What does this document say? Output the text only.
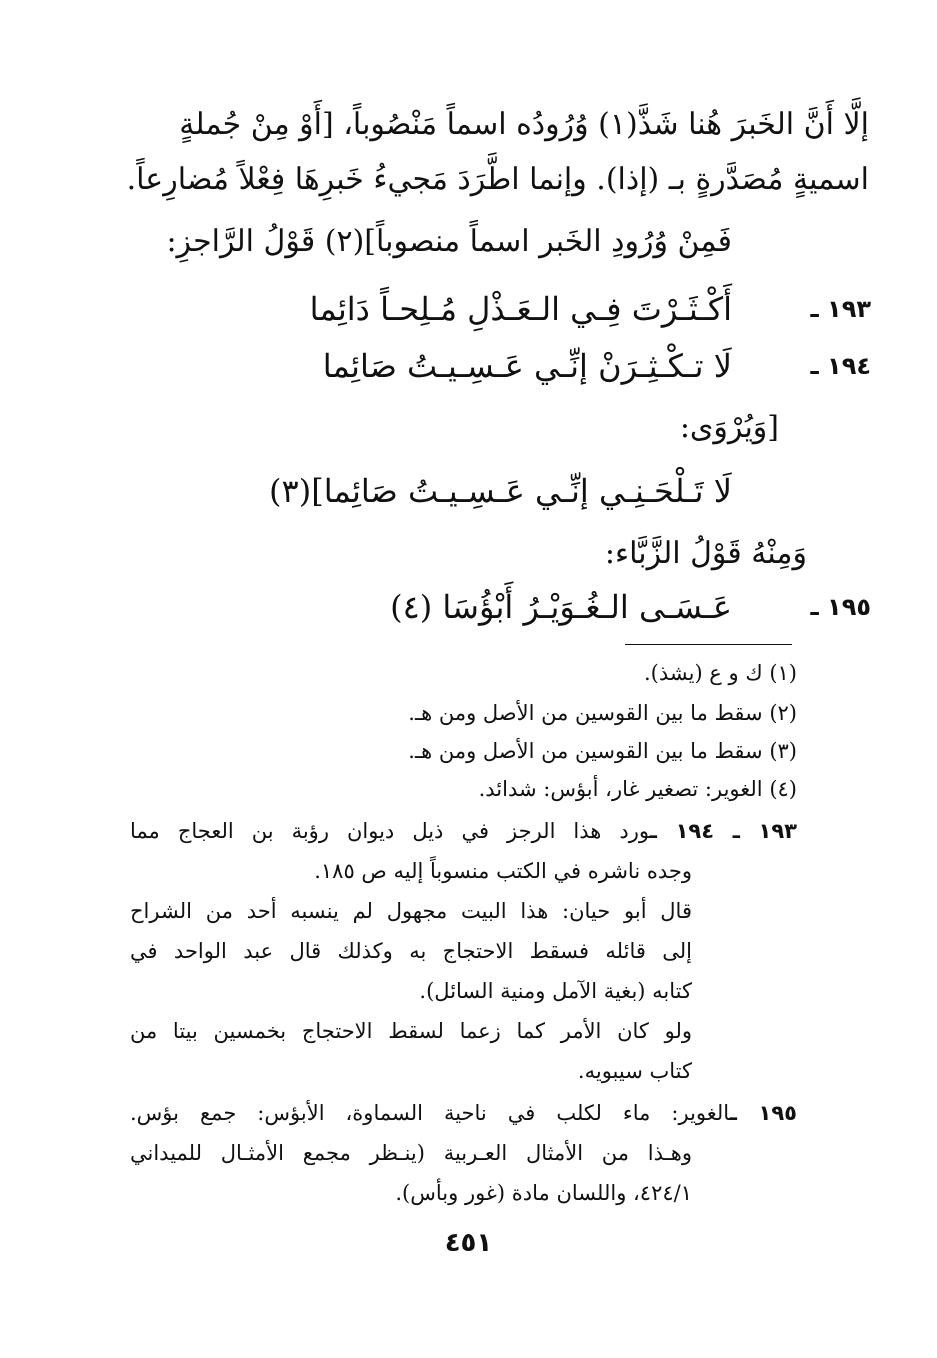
إلَّا أَنَّ الخَبرَ هُنا شَذَّ(١) وُرُودُه اسماً مَنْصُوباً، [أَوْ مِنْ جُملةٍ
اسميةٍ مُصَدَّرةٍ بـ (إذا). وإنما اطَّرَدَ مَجيءُ خَبرِهَا فِعْلاً مُضارِعاً.
فَمِنْ وُرُودِ الخَبر اسماً منصوباً](٢) قَوْلُ الرَّاجزِ:
١٩٣ ـ
أَكْـثَـرْتَ فِـي الـعَـذْلِ مُـلِحـاً دَائِما
١٩٤ ـ
لَا تـكْـثِـرَنْ إنِّـي عَـسِـيـتُ صَائِما
[وَيُرْوَى:
لَا تَـلْحَـنِـي إنِّـي عَـسِـيـتُ صَائِما](٣)
وَمِنْهُ قَوْلُ الزَّبَّاء:
١٩٥ ـ
عَـسَـى الـغُـوَيْـرُ أَبْؤُسَا (٤)
(١) ك و ع (يشذ).
(٢) سقط ما بين القوسين من الأصل ومن هـ.
(٣) سقط ما بين القوسين من الأصل ومن هـ.
(٤) الغوير: تصغير غار، أبؤس: شدائد.
١٩٣ ـ ١٩٤ ـورد هذا الرجز في ذيل ديوان رؤبة بن العجاج مما
وجده ناشره في الكتب منسوباً إليه ص ١٨٥.
قال أبو حيان: هذا البيت مجهول لم ينسبه أحد من الشراح
إلى قائله فسقط الاحتجاج به وكذلك قال عبد الواحد في
كتابه (بغية الآمل ومنية السائل).
ولو كان الأمر كما زعما لسقط الاحتجاج بخمسين بيتا من
كتاب سيبويه.
١٩٥ ـالغوير: ماء لكلب في ناحية السماوة، الأبؤس: جمع بؤس.
وهـذا من الأمثال العـربية (ينـظر مجمع الأمثـال للميداني
٤٢٤/١، واللسان مادة (غور وبأس).
٤٥١
